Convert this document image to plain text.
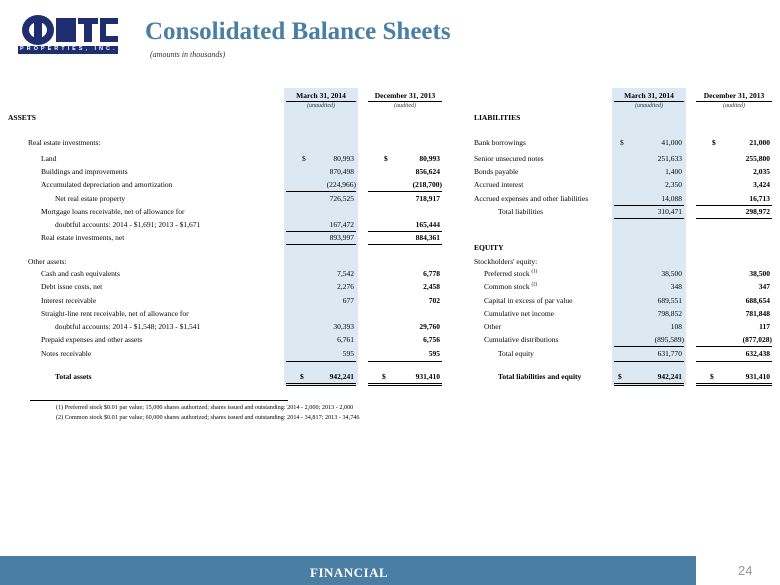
PROPERTIES, INC.
Consolidated Balance Sheets
(amounts in thousands)
March 31, 2014	December 31, 2013
(unaudited)	(audited)
March 31, 2014	December 31, 2013
(unaudited)	(audited)
ASSETS
Real estate investments:
Land	$	80,993	$	80,993
Buildings and improvements	870,498	856,624
Accumulated depreciation and amortization	(224,966)	(218,700)
Net real estate property	726,525	718,917
Mortgage loans receivable, net of allowance for
doubtful accounts: 2014 - $1,691; 2013 - $1,671	167,472	165,444
Real estate investments, net	893,997	884,361
Other assets:
Cash and cash equivalents	7,542	6,778
Debt issue costs, net	2,276	2,458
Interest receivable	677	702
Straight-line rent receivable, net of allowance for
doubtful accounts: 2014 - $1,548; 2013 - $1,541	30,393	29,760
Prepaid expenses and other assets	6,761	6,756
Notes receivable	595	595
Total assets	$	942,241	$	931,410
LIABILITIES
Bank borrowings	$	41,000	$	21,000
Senior unsecured notes	251,633	255,800
Bonds payable	1,400	2,035
Accrued interest	2,350	3,424
Accrued expenses and other liabilities	14,088	16,713
Total liabilities	310,471	298,972
EQUITY
Stockholders' equity:
Preferred stock $^{(1)}$	38,500	38,500
Common stock $^{(2)}$	348	347
Capital in excess of par value	689,551	688,654
Cumulative net income	798,852	781,848
Other	108	117
Cumulative distributions	(895,589)	(877,028)
Total equity	631,770	632,438
Total liabilities and equity	$	942,241	$	931,410
(1) Preferred stock $0.01 par value; 15,000 shares authorized; shares issued and outstanding: 2014 - 2,000; 2013 - 2,000
(2) Common stock $0.01 par value; 60,000 shares authorized; shares issued and outstanding: 2014 - 34,817; 2013 - 34,746
FINANCIAL	24
